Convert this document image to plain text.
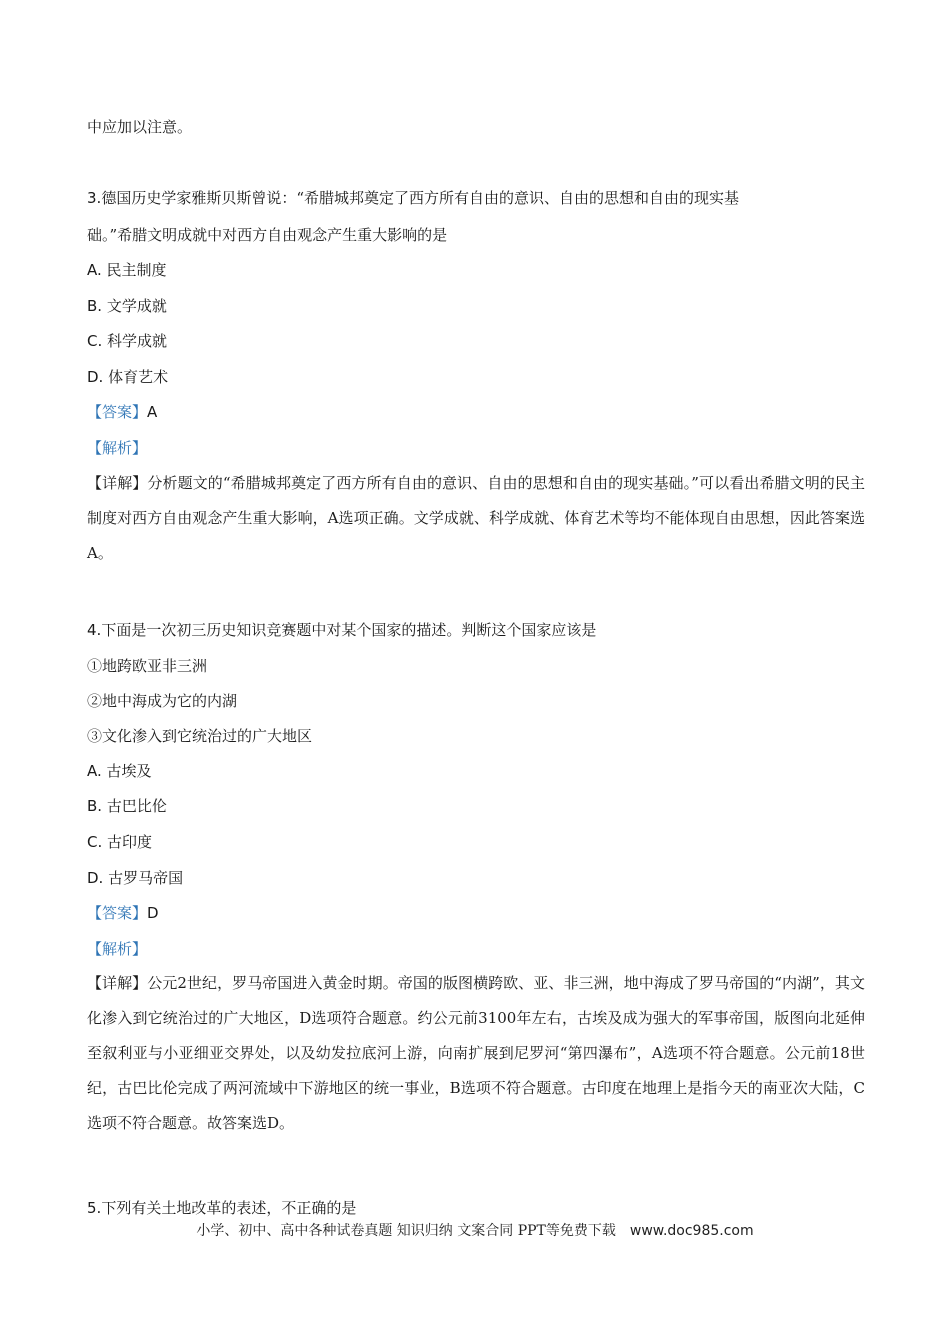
中应加以注意。
3.德国历史学家雅斯贝斯曾说：“希腊城邦奠定了西方所有自由的意识、自由的思想和自由的现实基
础。”希腊文明成就中对西方自由观念产生重大影响的是
A. 民主制度
B. 文学成就
C. 科学成就
D. 体育艺术
【答案】A
【解析】
【详解】分析题文的“希腊城邦奠定了西方所有自由的意识、自由的思想和自由的现实基础。”可以看出希腊文明的民主制度对西方自由观念产生重大影响，A选项正确。文学成就、科学成就、体育艺术等均不能体现自由思想，因此答案选A。
4.下面是一次初三历史知识竞赛题中对某个国家的描述。判断这个国家应该是
①地跨欧亚非三洲
②地中海成为它的内湖
③文化渗入到它统治过的广大地区
A. 古埃及
B. 古巴比伦
C. 古印度
D. 古罗马帝国
【答案】D
【解析】
【详解】公元2世纪，罗马帝国进入黄金时期。帝国的版图横跨欧、亚、非三洲，地中海成了罗马帝国的“内湖”，其文化渗入到它统治过的广大地区，D选项符合题意。约公元前3100年左右，古埃及成为强大的军事帝国，版图向北延伸至叙利亚与小亚细亚交界处，以及幼发拉底河上游，向南扩展到尼罗河“第四瀑布”，A选项不符合题意。公元前18世纪，古巴比伦完成了两河流域中下游地区的统一事业，B选项不符合题意。古印度在地理上是指今天的南亚次大陆，C选项不符合题意。故答案选D。
5.下列有关土地改革的表述，不正确的是
小学、初中、高中各种试卷真题 知识归纳 文案合同 PPT等免费下载 www.doc985.com
